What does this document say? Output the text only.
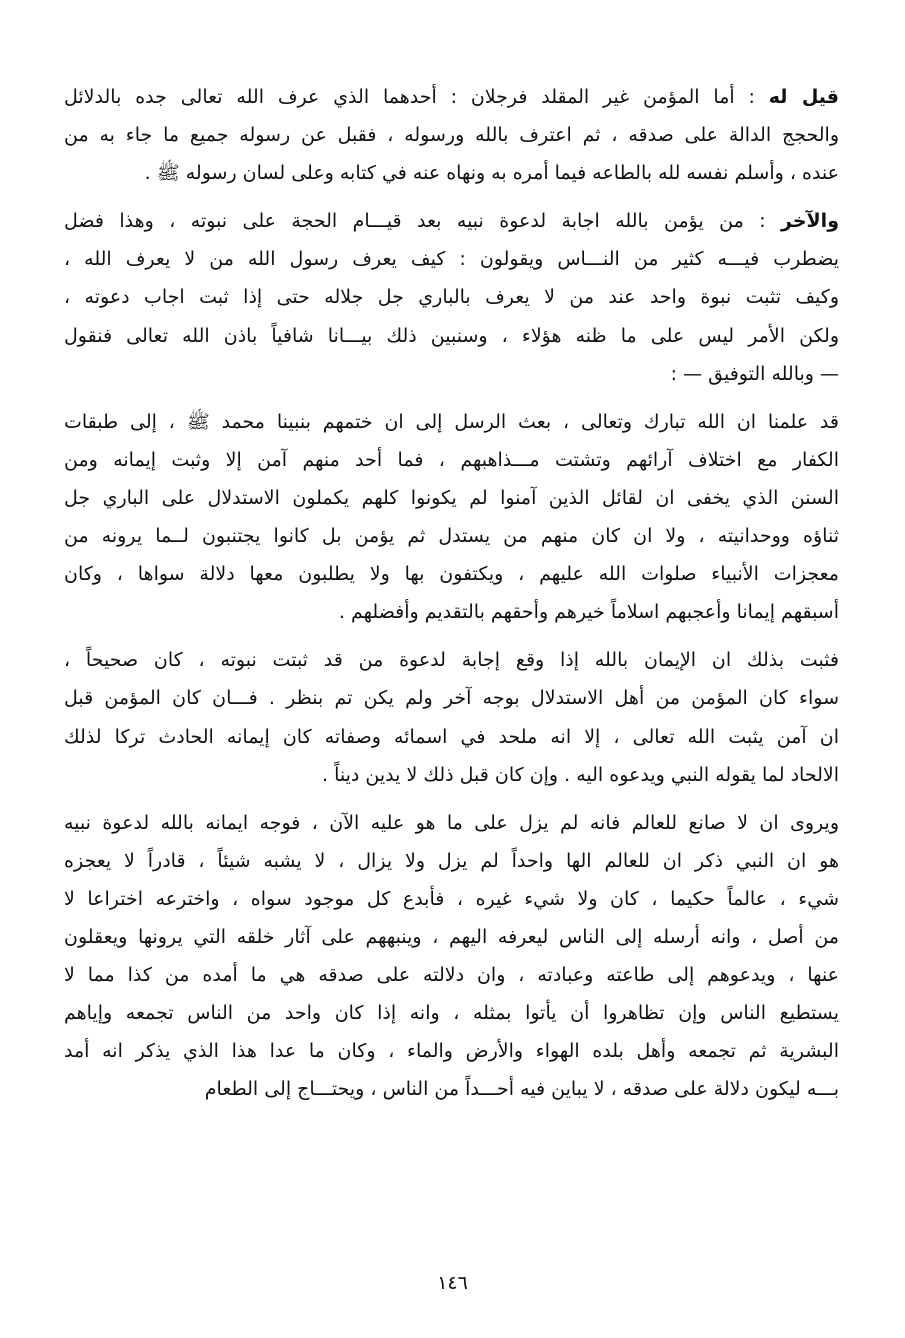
قيل له : أما المؤمن غير المقلد فرجلان : أحدهما الذي عرف الله تعالى جده بالدلائل
والحجج الدالة على صدقه ، ثم اعترف بالله ورسوله ، فقبل عن رسوله جميع ما جاء به من
عنده ، وأسلم نفسه لله بالطاعه فيما أمره به ونهاه عنه في كتابه وعلى لسان رسوله ﷺ .
والآخر : من يؤمن بالله اجابة لدعوة نبيه بعد قيـــام الحجة على نبوته ، وهذا فضل
يضطرب فيـــه كثير من النـــاس ويقولون : كيف يعرف رسول الله من لا يعرف الله ،
وكيف تثبت نبوة واحد عند من لا يعرف بالباري جل جلاله حتى إذا ثبت اجاب دعوته ،
ولكن الأمر ليس على ما ظنه هؤلاء ، وسنبين ذلك بيـــانا شافياً باذن الله تعالى فنقول
— وبالله التوفيق — :
قد علمنا ان الله تبارك وتعالى ، بعث الرسل إلى ان ختمهم بنبينا محمد ﷺ ، إلى طبقات
الكفار مع اختلاف آرائهم وتشتت مـــذاهبهم ، فما أحد منهم آمن إلا وثبت إيمانه ومن
السنن الذي يخفى ان لقائل الذين آمنوا لم يكونوا كلهم يكملون الاستدلال على الباري جل
ثناؤه ووحدانيته ، ولا ان كان منهم من يستدل ثم يؤمن بل كانوا يجتنبون لــما يرونه من
معجزات الأنبياء صلوات الله عليهم ، ويكتفون بها ولا يطلبون معها دلالة سواها ، وكان
أسبقهم إيمانا وأعجبهم اسلاماً خيرهم وأحقهم بالتقديم وأفضلهم .
فثبت بذلك ان الإيمان بالله إذا وقع إجابة لدعوة من قد ثبتت نبوته ، كان صحيحاً ،
سواء كان المؤمن من أهل الاستدلال بوجه آخر ولم يكن تم بنظر . فـــان كان المؤمن قبل
ان آمن يثبت الله تعالى ، إلا انه ملحد في اسمائه وصفاته كان إيمانه الحادث تركا لذلك
الالحاد لما يقوله النبي ويدعوه اليه . وإن كان قبل ذلك لا يدين ديناً .
ويروى ان لا صانع للعالم فانه لم يزل على ما هو عليه الآن ، فوجه ايمانه بالله لدعوة نبيه
هو ان النبي ذكر ان للعالم الها واحداً لم يزل ولا يزال ، لا يشبه شيئاً ، قادراً لا يعجزه
شيء ، عالماً حكيما ، كان ولا شيء غيره ، فأبدع كل موجود سواه ، واخترعه اختراعا لا
من أصل ، وانه أرسله إلى الناس ليعرفه اليهم ، وينبههم على آثار خلقه التي يرونها ويعقلون
عنها ، ويدعوهم إلى طاعته وعبادته ، وان دلالته على صدقه هي ما أمده من كذا مما لا
يستطيع الناس وإن تظاهروا أن يأتوا بمثله ، وانه إذا كان واحد من الناس تجمعه وإياهم
البشرية ثم تجمعه وأهل بلده الهواء والأرض والماء ، وكان ما عدا هذا الذي يذكر انه أمد
بـــه ليكون دلالة على صدقه ، لا يباين فيه أحـــداً من الناس ، ويحتـــاج إلى الطعام
١٤٦
